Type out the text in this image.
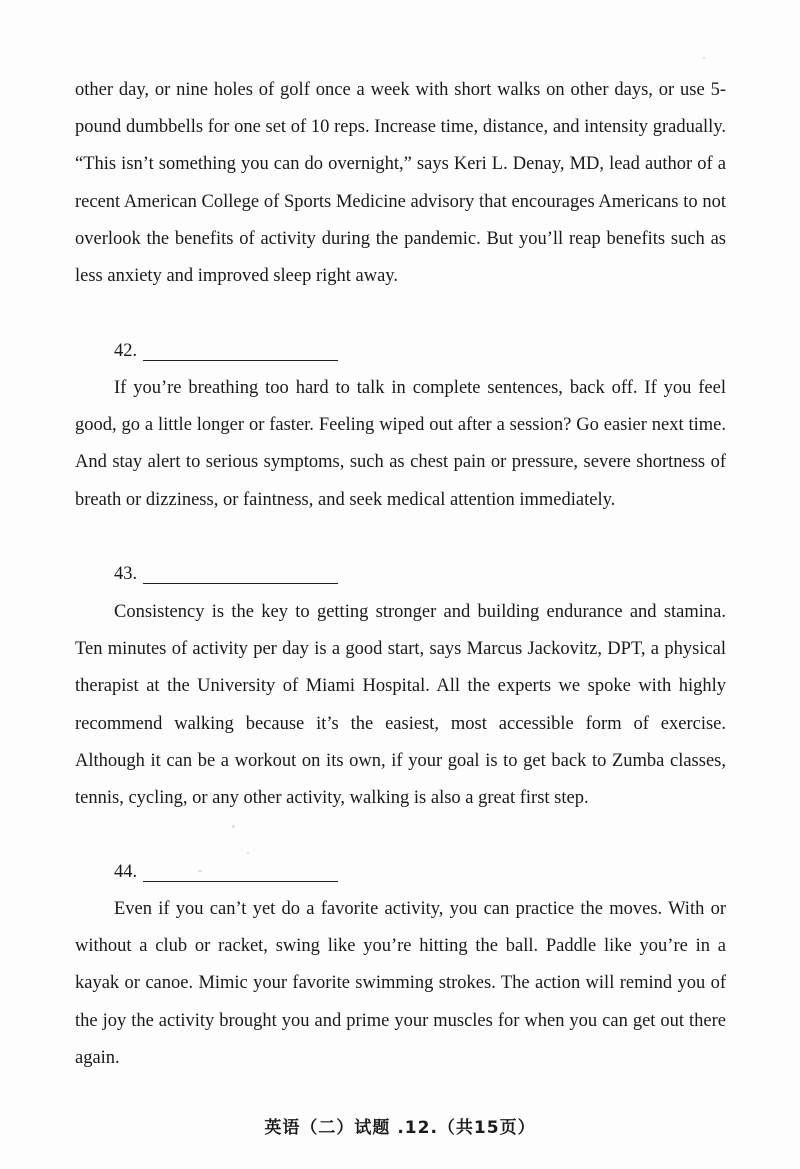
other day, or nine holes of golf once a week with short walks on other days, or use 5-pound dumbbells for one set of 10 reps. Increase time, distance, and intensity gradually. “This isn’t something you can do overnight,” says Keri L. Denay, MD, lead author of a recent American College of Sports Medicine advisory that encourages Americans to not overlook the benefits of activity during the pandemic. But you’ll reap benefits such as less anxiety and improved sleep right away.

42.

If you’re breathing too hard to talk in complete sentences, back off. If you feel good, go a little longer or faster. Feeling wiped out after a session? Go easier next time. And stay alert to serious symptoms, such as chest pain or pressure, severe shortness of breath or dizziness, or faintness, and seek medical attention immediately.

43.

Consistency is the key to getting stronger and building endurance and stamina. Ten minutes of activity per day is a good start, says Marcus Jackovitz, DPT, a physical therapist at the University of Miami Hospital. All the experts we spoke with highly recommend walking because it’s the easiest, most accessible form of exercise. Although it can be a workout on its own, if your goal is to get back to Zumba classes, tennis, cycling, or any other activity, walking is also a great first step.

44.

Even if you can’t yet do a favorite activity, you can practice the moves. With or without a club or racket, swing like you’re hitting the ball. Paddle like you’re in a kayak or canoe. Mimic your favorite swimming strokes. The action will remind you of the joy the activity brought you and prime your muscles for when you can get out there again.

英语（二）试题 .12.（共15页）
